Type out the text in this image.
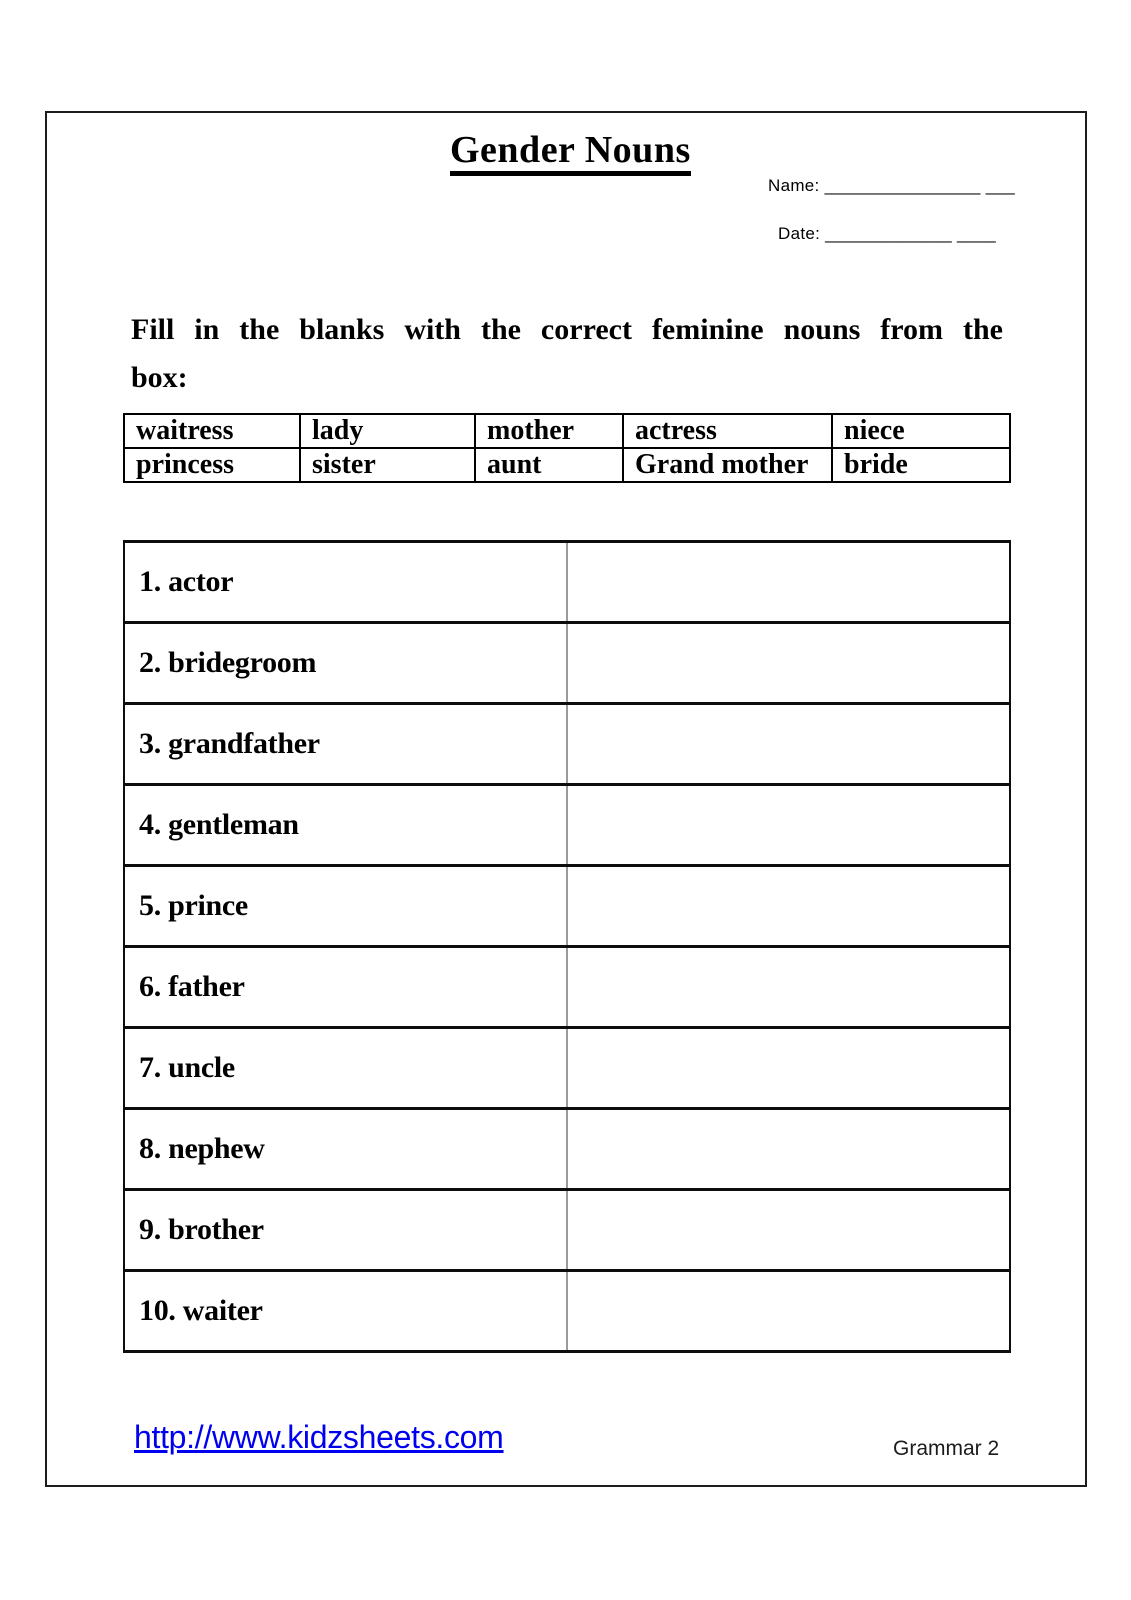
Gender Nouns
Name: ________________ ___
Date: _____________ ____
Fill in the blanks with the correct feminine nouns from the
box:
waitress	lady	mother	actress	niece
princess	sister	aunt	Grand mother	bride
1. actor	
2. bridegroom	
3. grandfather	
4. gentleman	
5. prince	
6. father	
7. uncle	
8. nephew	
9. brother	
10. waiter	
http://www.kidzsheets.com	Grammar 2
